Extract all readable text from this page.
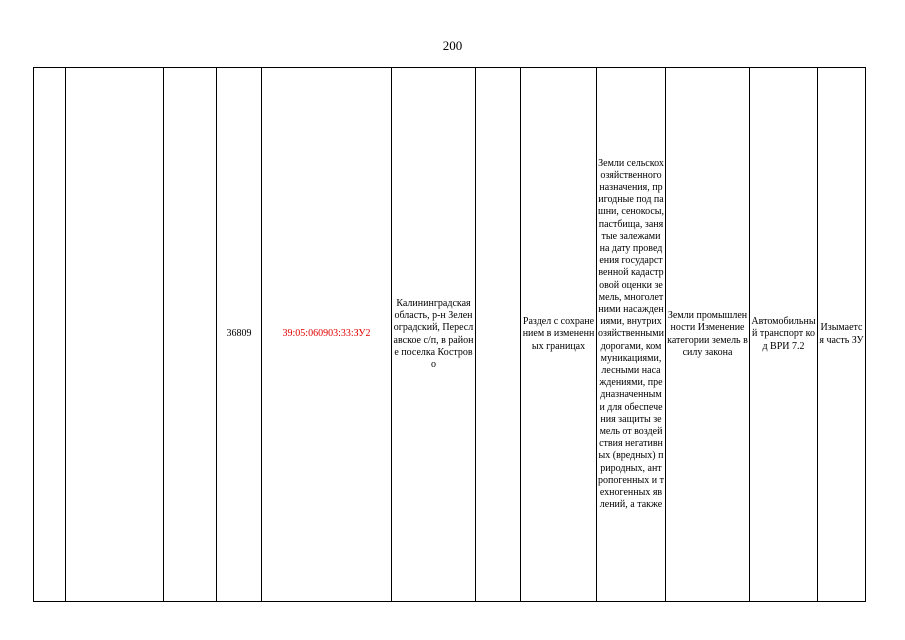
200
			36809	39:05:060903:33:ЗУ2	Калининградская область, р-н Зеленоградский, Переславское с/п, в районе поселка Кострово		Раздел с сохранением в измененных границах	Земли сельскохозяйственного назначения, пригодные под пашни, сенокосы, пастбища, занятые залежами на дату проведения государственной кадастровой оценки земель, многолетними насаждениями, внутрихозяйственными дорогами, коммуникациями, лесными насаждениями, предназначенными для обеспечения защиты земель от воздействия негативных (вредных) природных, антропогенных и техногенных явлений, а также	Земли промышленности Изменение категории земель в силу закона	Автомобильный транспорт код ВРИ 7.2	Изымается часть ЗУ
